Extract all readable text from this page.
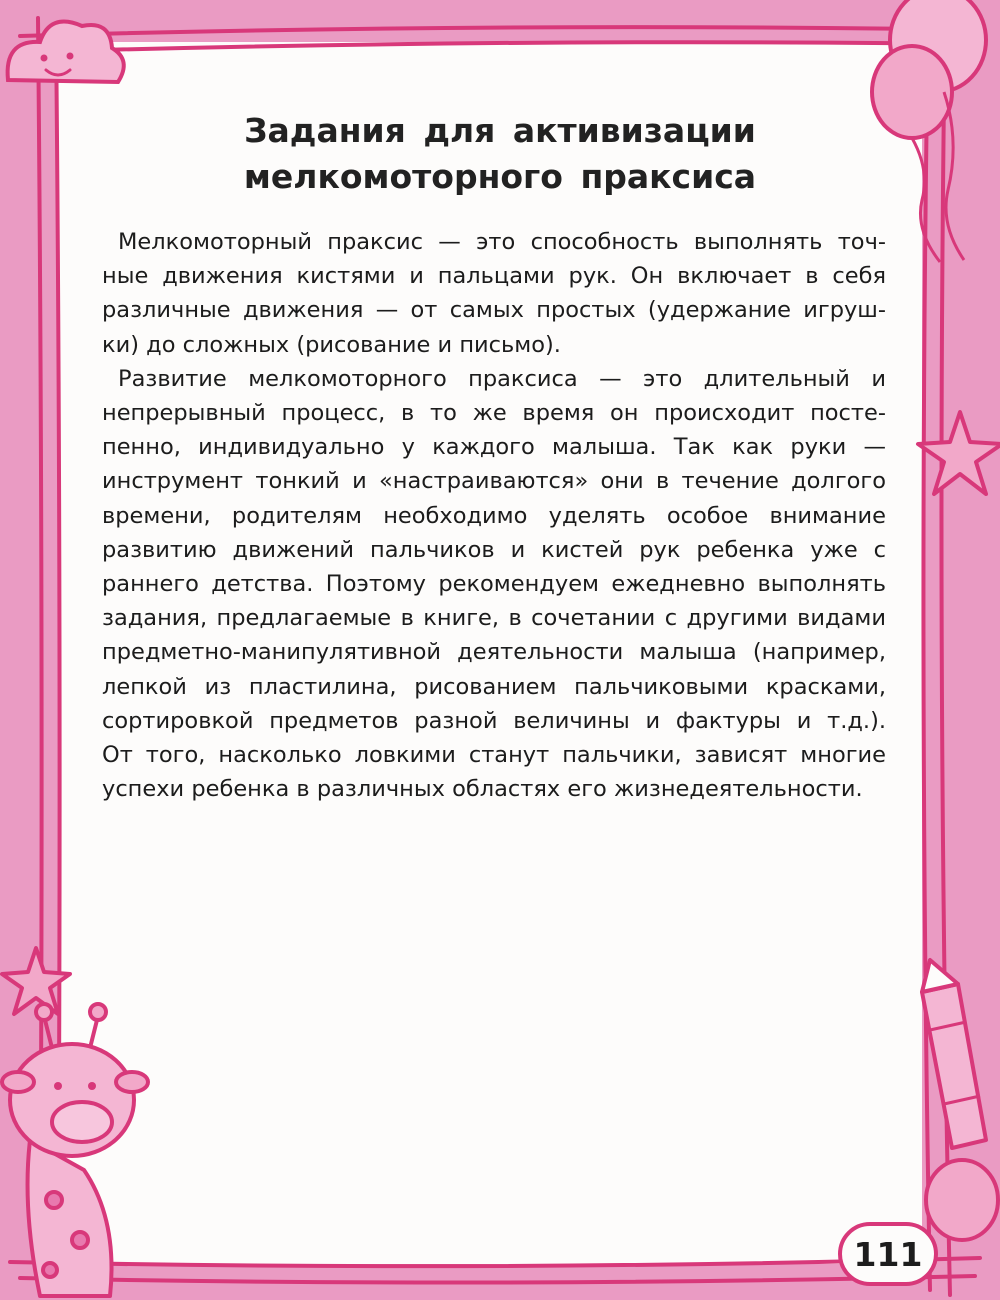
Задания для активизации
мелкомоторного праксиса

Мелкомоторный праксис — это способность выполнять точ-
ные движения кистями и пальцами рук. Он включает в себя
различные движения — от самых простых (удержание игруш-
ки) до сложных (рисование и письмо).

Развитие мелкомоторного праксиса — это длительный и
непрерывный процесс, в то же время он происходит посте-
пенно, индивидуально у каждого малыша. Так как руки —
инструмент тонкий и «настраиваются» они в течение долгого
времени, родителям необходимо уделять особое внимание
развитию движений пальчиков и кистей рук ребенка уже с
раннего детства. Поэтому рекомендуем ежедневно выполнять
задания, предлагаемые в книге, в сочетании с другими видами
предметно-манипулятивной деятельности малыша (например,
лепкой из пластилина, рисованием пальчиковыми красками,
сортировкой предметов разной величины и фактуры и т.д.).
От того, насколько ловкими станут пальчики, зависят многие
успехи ребенка в различных областях его жизнедеятельности.

111
